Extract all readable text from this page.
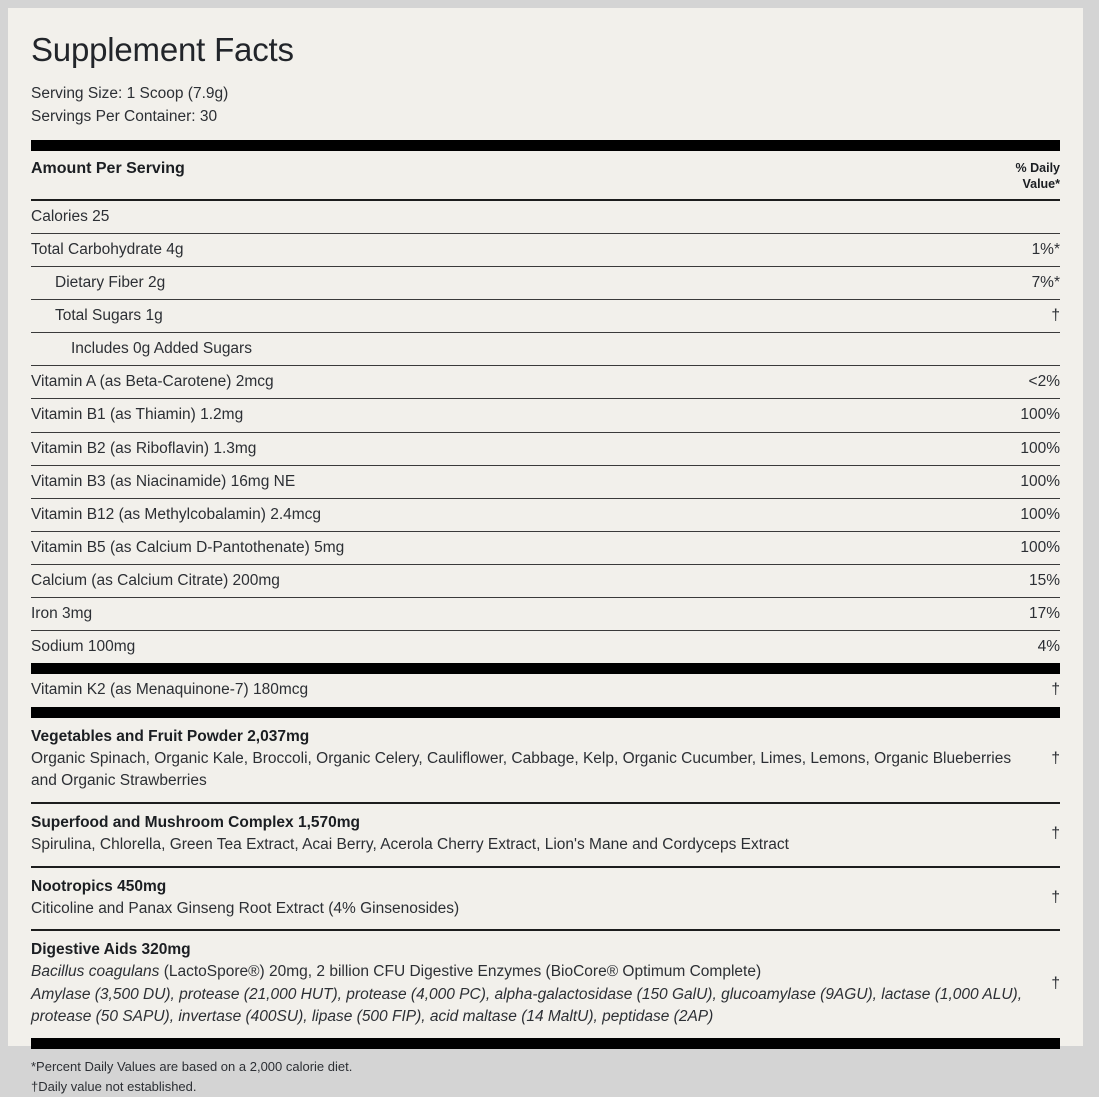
Supplement Facts
Serving Size: 1 Scoop (7.9g)
Servings Per Container: 30
Amount Per Serving	% Daily
Value*
Calories 25
Total Carbohydrate 4g	1%*
Dietary Fiber 2g	7%*
Total Sugars 1g	†
Includes 0g Added Sugars
Vitamin A (as Beta-Carotene) 2mcg	<2%
Vitamin B1 (as Thiamin) 1.2mg	100%
Vitamin B2 (as Riboflavin) 1.3mg	100%
Vitamin B3 (as Niacinamide) 16mg NE	100%
Vitamin B12 (as Methylcobalamin) 2.4mcg	100%
Vitamin B5 (as Calcium D-Pantothenate) 5mg	100%
Calcium (as Calcium Citrate) 200mg	15%
Iron 3mg	17%
Sodium 100mg	4%
Vitamin K2 (as Menaquinone-7) 180mcg	†
Vegetables and Fruit Powder 2,037mg
Organic Spinach, Organic Kale, Broccoli, Organic Celery, Cauliflower, Cabbage, Kelp, Organic Cucumber, Limes, Lemons, Organic Blueberries and Organic Strawberries
†
Superfood and Mushroom Complex 1,570mg
Spirulina, Chlorella, Green Tea Extract, Acai Berry, Acerola Cherry Extract, Lion's Mane and Cordyceps Extract
†
Nootropics 450mg
Citicoline and Panax Ginseng Root Extract (4% Ginsenosides)
†
Digestive Aids 320mg
Bacillus coagulans (LactoSpore®) 20mg, 2 billion CFU Digestive Enzymes (BioCore® Optimum Complete)
Amylase (3,500 DU), protease (21,000 HUT), protease (4,000 PC), alpha-galactosidase (150 GalU), glucoamylase (9AGU), lactase (1,000 ALU),
protease (50 SAPU), invertase (400SU), lipase (500 FIP), acid maltase (14 MaltU), peptidase (2AP)
†
*Percent Daily Values are based on a 2,000 calorie diet.
†Daily value not established.
